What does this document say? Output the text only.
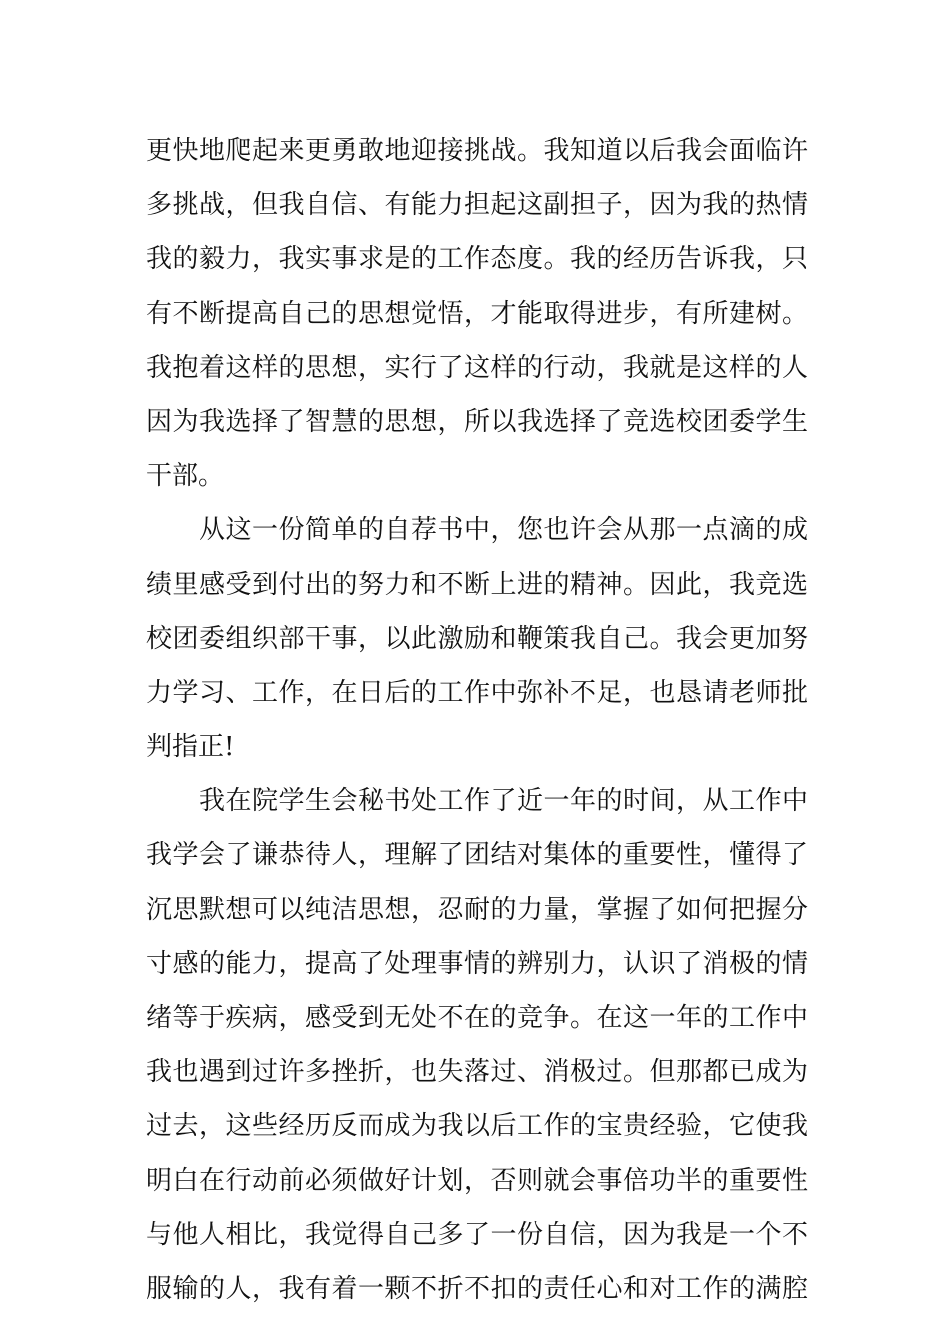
更快地爬起来更勇敢地迎接挑战。我知道以后我会面临许
多挑战，但我自信、有能力担起这副担子，因为我的热情
我的毅力，我实事求是的工作态度。我的经历告诉我，只
有不断提高自己的思想觉悟，才能取得进步，有所建树。
我抱着这样的思想，实行了这样的行动，我就是这样的人
因为我选择了智慧的思想，所以我选择了竞选校团委学生
干部。
从这一份简单的自荐书中，您也许会从那一点滴的成
绩里感受到付出的努力和不断上进的精神。因此，我竞选
校团委组织部干事，以此激励和鞭策我自己。我会更加努
力学习、工作，在日后的工作中弥补不足，也恳请老师批
判指正!
我在院学生会秘书处工作了近一年的时间，从工作中
我学会了谦恭待人，理解了团结对集体的重要性，懂得了
沉思默想可以纯洁思想，忍耐的力量，掌握了如何把握分
寸感的能力，提高了处理事情的辨别力，认识了消极的情
绪等于疾病，感受到无处不在的竞争。在这一年的工作中
我也遇到过许多挫折，也失落过、消极过。但那都已成为
过去，这些经历反而成为我以后工作的宝贵经验，它使我
明白在行动前必须做好计划，否则就会事倍功半的重要性
与他人相比，我觉得自己多了一份自信，因为我是一个不
服输的人，我有着一颗不折不扣的责任心和对工作的满腔
